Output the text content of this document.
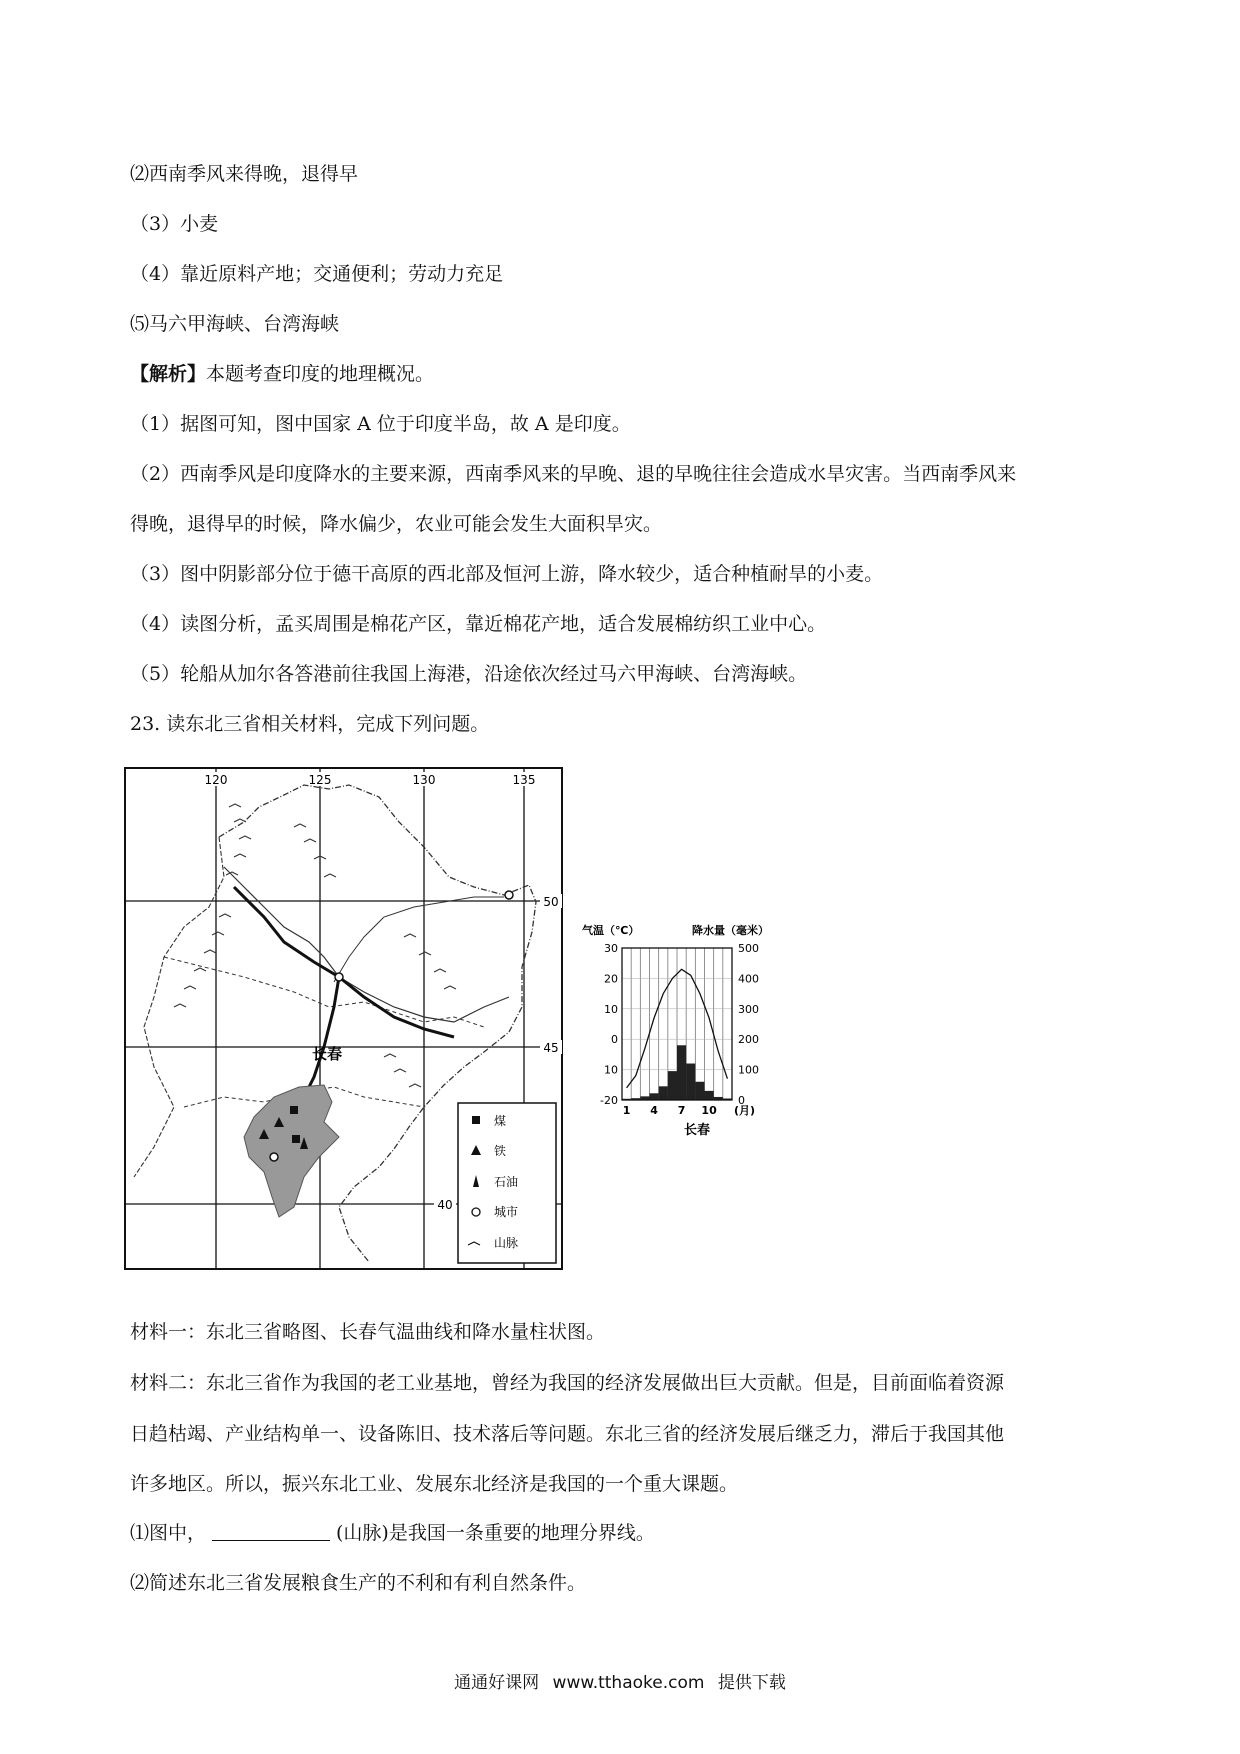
⑵西南季风来得晚，退得早
（3）小麦
（4）靠近原料产地；交通便利；劳动力充足
⑸马六甲海峡、台湾海峡
【解析】本题考查印度的地理概况。
（1）据图可知，图中国家 A 位于印度半岛，故 A 是印度。
（2）西南季风是印度降水的主要来源，西南季风来的早晚、退的早晚往往会造成水旱灾害。当西南季风来
得晚，退得早的时候，降水偏少，农业可能会发生大面积旱灾。
（3）图中阴影部分位于德干高原的西北部及恒河上游，降水较少，适合种植耐旱的小麦。
（4）读图分析，孟买周围是棉花产区，靠近棉花产地，适合发展棉纺织工业中心。
（5）轮船从加尔各答港前往我国上海港，沿途依次经过马六甲海峡、台湾海峡。
23. 读东北三省相关材料，完成下列问题。
120	125	130	135
50
45
40
长春
煤
铁
石油
城市
山脉
气温（℃）	降水量（毫米）
30
20
10
0
10
-20
500
400
300
200
100
0
1 4 7 10 (月)
长春
材料一：东北三省略图、长春气温曲线和降水量柱状图。
材料二：东北三省作为我国的老工业基地，曾经为我国的经济发展做出巨大贡献。但是，目前面临着资源
日趋枯竭、产业结构单一、设备陈旧、技术落后等问题。东北三省的经济发展后继乏力，滞后于我国其他
许多地区。所以，振兴东北工业、发展东北经济是我国的一个重大课题。
⑴图中，	(山脉)是我国一条重要的地理分界线。
⑵简述东北三省发展粮食生产的不利和有利自然条件。
通通好课网 www.tthaoke.com 提供下载
